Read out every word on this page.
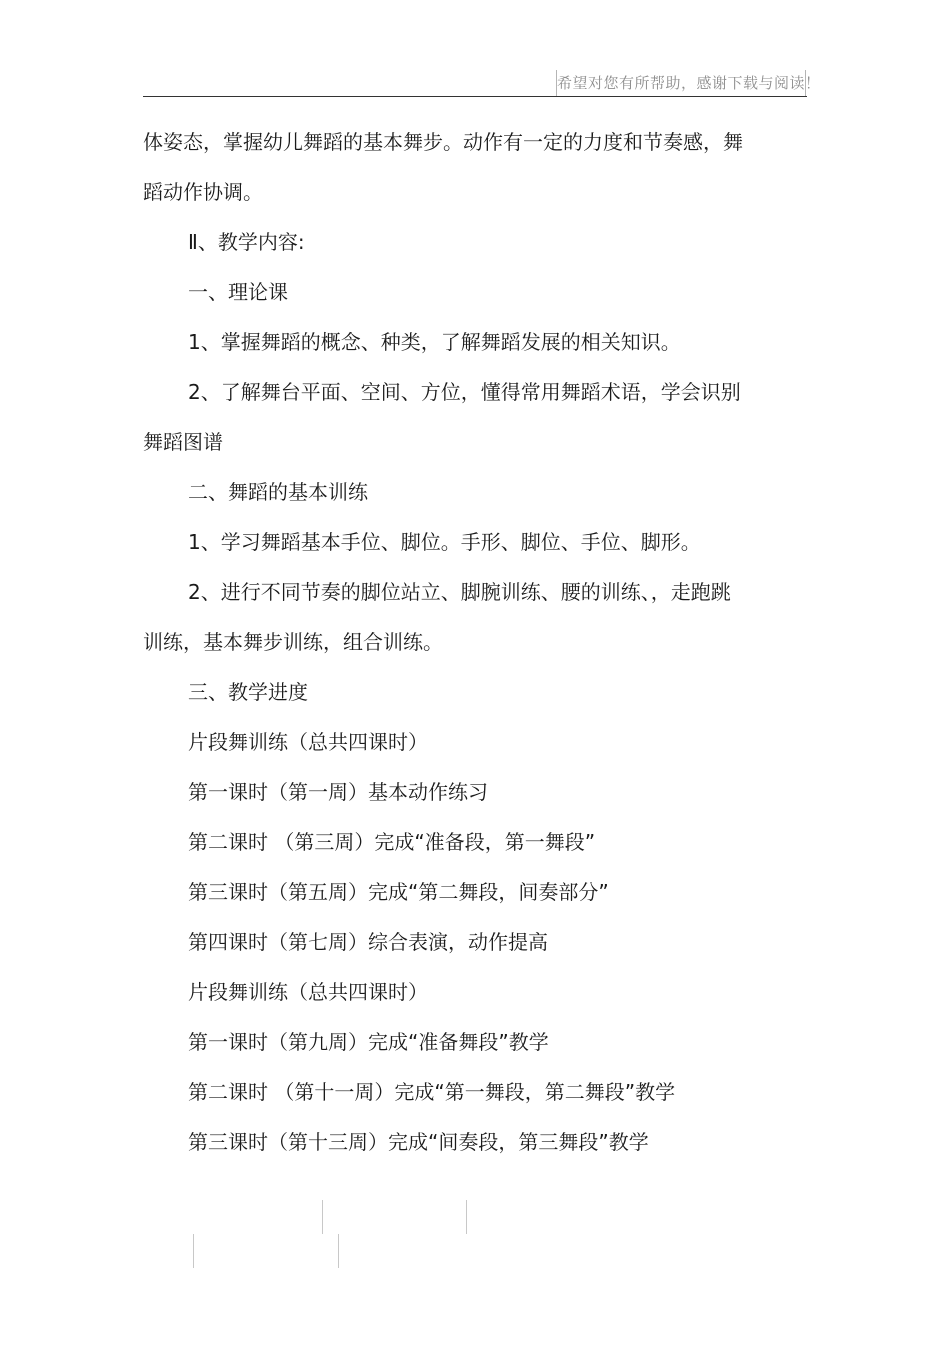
希望对您有所帮助，感谢下载与阅读！
体姿态，掌握幼儿舞蹈的基本舞步。动作有一定的力度和节奏感，舞
蹈动作协调。
Ⅱ、教学内容:
一、理论课
1、掌握舞蹈的概念、种类，了解舞蹈发展的相关知识。
2、了解舞台平面、空间、方位，懂得常用舞蹈术语，学会识别
舞蹈图谱
二、舞蹈的基本训练
1、学习舞蹈基本手位、脚位。手形、脚位、手位、脚形。
2、进行不同节奏的脚位站立、脚腕训练、腰的训练、，走跑跳
训练，基本舞步训练，组合训练。
三、教学进度
片段舞训练（总共四课时）
第一课时（第一周）基本动作练习
第二课时 （第三周）完成“准备段，第一舞段”
第三课时（第五周）完成“第二舞段，间奏部分”
第四课时（第七周）综合表演，动作提高
片段舞训练（总共四课时）
第一课时（第九周）完成“准备舞段”教学
第二课时 （第十一周）完成“第一舞段，第二舞段”教学
第三课时（第十三周）完成“间奏段，第三舞段”教学
